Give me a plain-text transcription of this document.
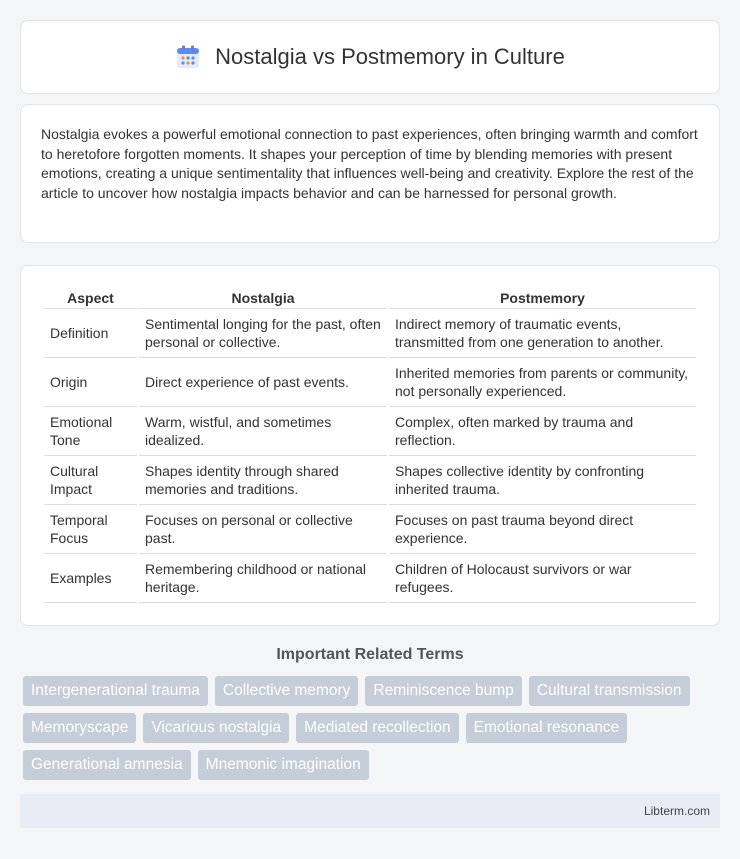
Nostalgia vs Postmemory in Culture

Nostalgia evokes a powerful emotional connection to past experiences, often bringing warmth and comfort to heretofore forgotten moments. It shapes your perception of time by blending memories with present emotions, creating a unique sentimentality that influences well-being and creativity. Explore the rest of the article to uncover how nostalgia impacts behavior and can be harnessed for personal growth.

Aspect	Nostalgia	Postmemory
Definition	Sentimental longing for the past, often personal or collective.	Indirect memory of traumatic events, transmitted from one generation to another.
Origin	Direct experience of past events.	Inherited memories from parents or community, not personally experienced.
Emotional Tone	Warm, wistful, and sometimes idealized.	Complex, often marked by trauma and reflection.
Cultural Impact	Shapes identity through shared memories and traditions.	Shapes collective identity by confronting inherited trauma.
Temporal Focus	Focuses on personal or collective past.	Focuses on past trauma beyond direct experience.
Examples	Remembering childhood or national heritage.	Children of Holocaust survivors or war refugees.
Important Related Terms
Intergenerational trauma	Collective memory	Reminiscence bump	Cultural transmission
Memoryscape	Vicarious nostalgia	Mediated recollection	Emotional resonance
Generational amnesia	Mnemonic imagination
Libterm.com
